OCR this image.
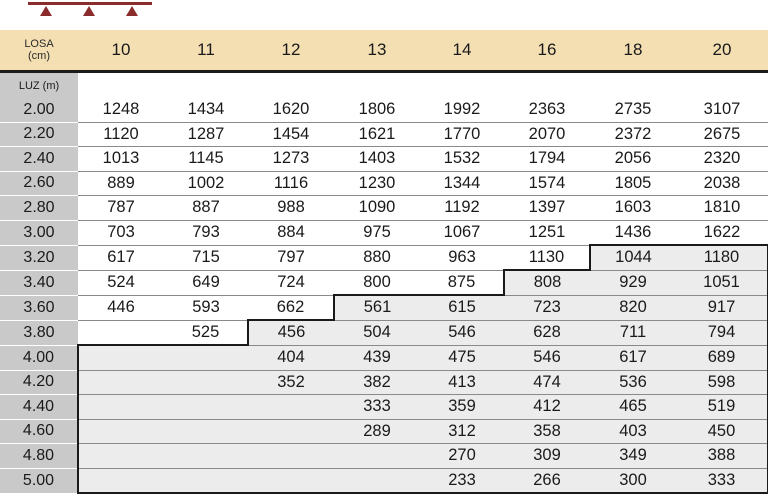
LOSA
(cm)	10	11	12	13	14	16	18	20
LUZ (m)								
2.00	1248	1434	1620	1806	1992	2363	2735	3107
2.20	1120	1287	1454	1621	1770	2070	2372	2675
2.40	1013	1145	1273	1403	1532	1794	2056	2320
2.60	889	1002	1116	1230	1344	1574	1805	2038
2.80	787	887	988	1090	1192	1397	1603	1810
3.00	703	793	884	975	1067	1251	1436	1622
3.20	617	715	797	880	963	1130	1044	1180
3.40	524	649	724	800	875	808	929	1051
3.60	446	593	662	561	615	723	820	917
3.80		525	456	504	546	628	711	794
4.00			404	439	475	546	617	689
4.20			352	382	413	474	536	598
4.40				333	359	412	465	519
4.60				289	312	358	403	450
4.80					270	309	349	388
5.00					233	266	300	333
